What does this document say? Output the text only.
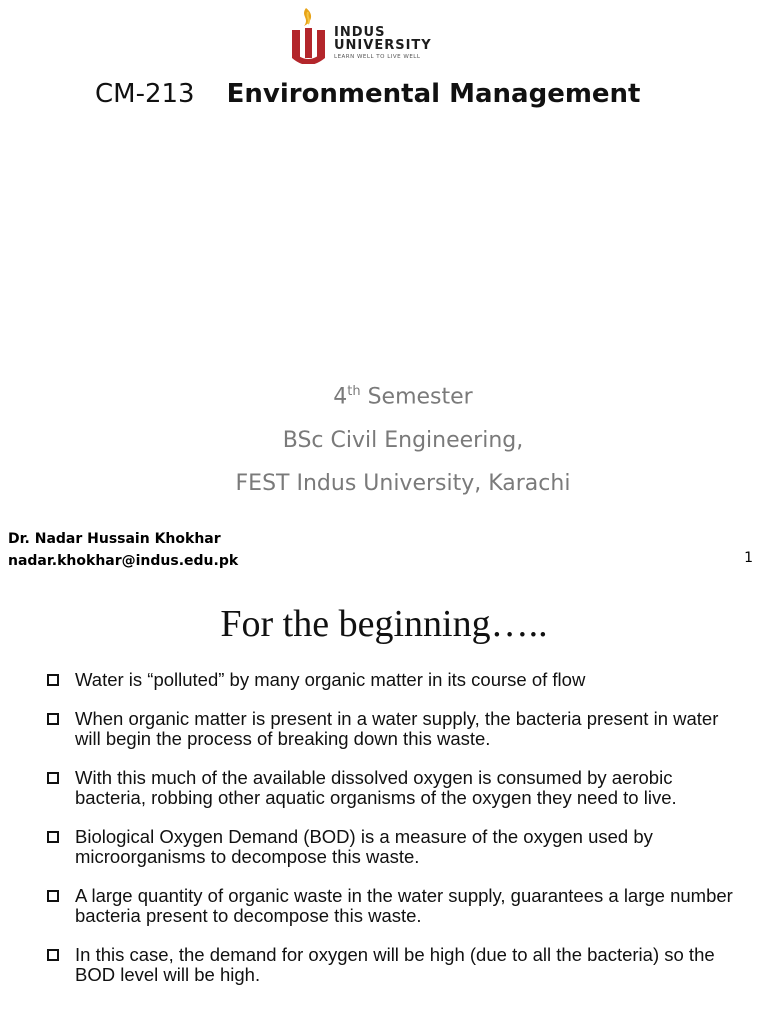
INDUS
UNIVERSITY
LEARN WELL TO LIVE WELL
CM-213 Environmental Management
4th Semester
BSc Civil Engineering,
FEST Indus University, Karachi
Dr. Nadar Hussain Khokhar
nadar.khokhar@indus.edu.pk	1
For the beginning…..
Water is “polluted” by many organic matter in its course of flow
When organic matter is present in a water supply, the bacteria present in water will begin the process of breaking down this waste.
With this much of the available dissolved oxygen is consumed by aerobic bacteria, robbing other aquatic organisms of the oxygen they need to live.
Biological Oxygen Demand (BOD) is a measure of the oxygen used by microorganisms to decompose this waste.
A large quantity of organic waste in the water supply, guarantees a large number bacteria present to decompose this waste.
In this case, the demand for oxygen will be high (due to all the bacteria) so the BOD level will be high.
